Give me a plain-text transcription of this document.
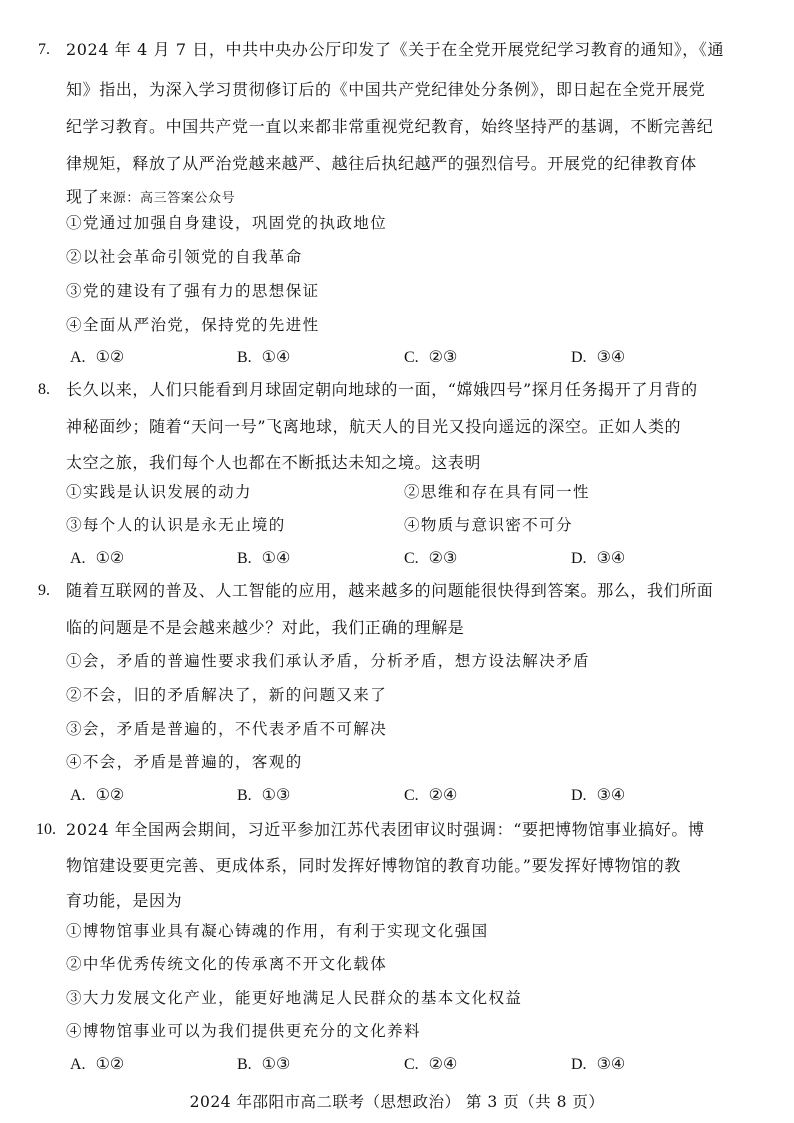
7. 2024 年 4 月 7 日，中共中央办公厅印发了《关于在全党开展党纪学习教育的通知》，《通
知》指出，为深入学习贯彻修订后的《中国共产党纪律处分条例》，即日起在全党开展党
纪学习教育。中国共产党一直以来都非常重视党纪教育，始终坚持严的基调，不断完善纪
律规矩，释放了从严治党越来越严、越往后执纪越严的强烈信号。开展党的纪律教育体
现了来源：高三答案公众号
①党通过加强自身建设，巩固党的执政地位
②以社会革命引领党的自我革命
③党的建设有了强有力的思想保证
④全面从严治党，保持党的先进性
A. ①②	B. ①④	C. ②③	D. ③④
8. 长久以来，人们只能看到月球固定朝向地球的一面，“嫦娥四号”探月任务揭开了月背的
神秘面纱；随着“天问一号”飞离地球，航天人的目光又投向遥远的深空。正如人类的
太空之旅，我们每个人也都在不断抵达未知之境。这表明
①实践是认识发展的动力	②思维和存在具有同一性
③每个人的认识是永无止境的	④物质与意识密不可分
A. ①②	B. ①④	C. ②③	D. ③④
9. 随着互联网的普及、人工智能的应用，越来越多的问题能很快得到答案。那么，我们所面
临的问题是不是会越来越少？对此，我们正确的理解是
①会，矛盾的普遍性要求我们承认矛盾，分析矛盾，想方设法解决矛盾
②不会，旧的矛盾解决了，新的问题又来了
③会，矛盾是普遍的，不代表矛盾不可解决
④不会，矛盾是普遍的，客观的
A. ①②	B. ①③	C. ②④	D. ③④
10. 2024 年全国两会期间，习近平参加江苏代表团审议时强调：“要把博物馆事业搞好。博
物馆建设要更完善、更成体系，同时发挥好博物馆的教育功能。”要发挥好博物馆的教
育功能，是因为
①博物馆事业具有凝心铸魂的作用，有利于实现文化强国
②中华优秀传统文化的传承离不开文化载体
③大力发展文化产业，能更好地满足人民群众的基本文化权益
④博物馆事业可以为我们提供更充分的文化养料
A. ①②	B. ①③	C. ②④	D. ③④
2024 年邵阳市高二联考（思想政治） 第 3 页（共 8 页）
